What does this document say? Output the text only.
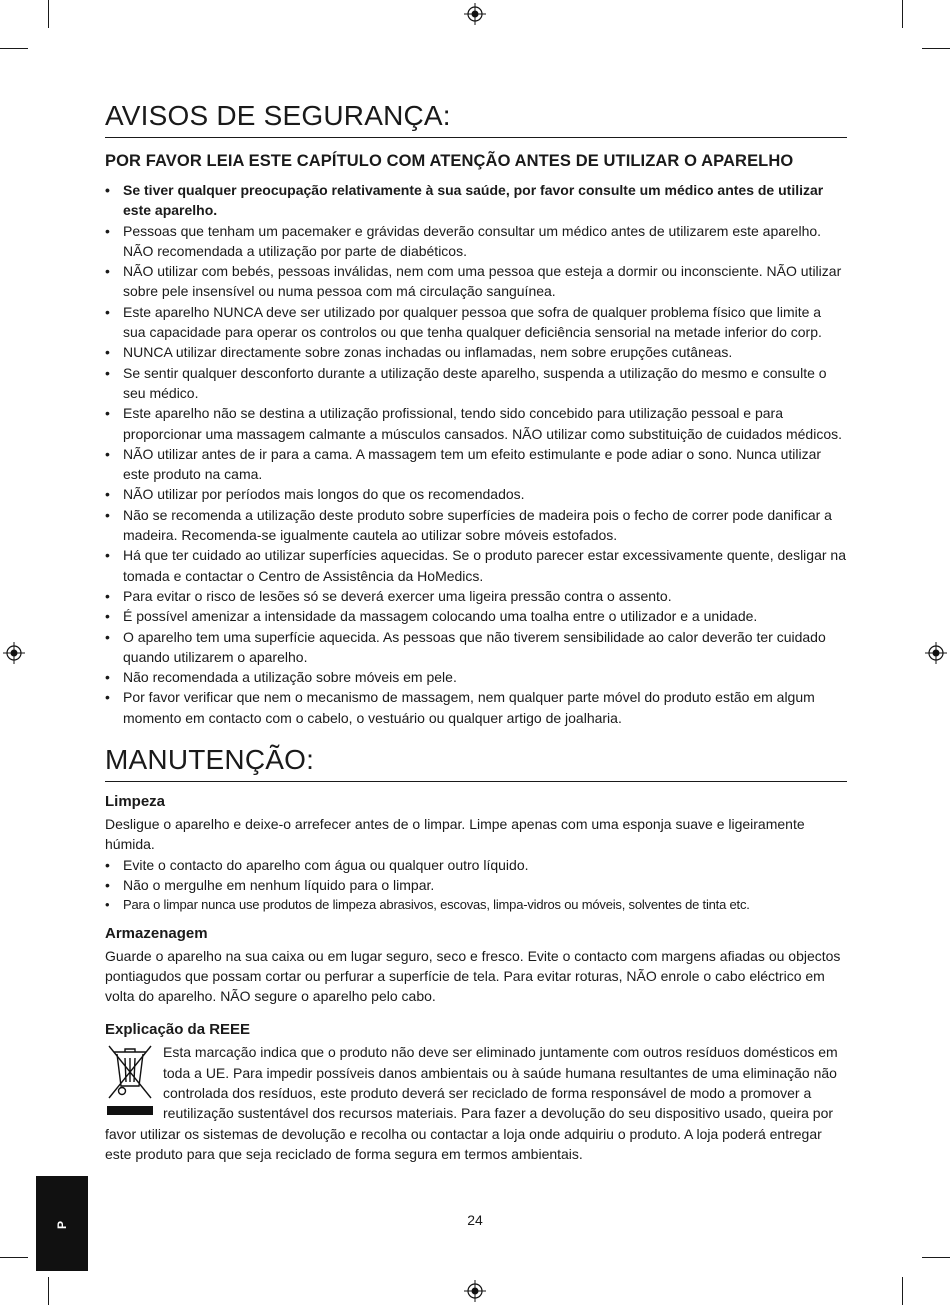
AVISOS DE SEGURANÇA:
POR FAVOR LEIA ESTE CAPÍTULO COM ATENÇÃO ANTES DE UTILIZAR O APARELHO
• Se tiver qualquer preocupação relativamente à sua saúde, por favor consulte um médico antes de utilizar este aparelho.
• Pessoas que tenham um pacemaker e grávidas deverão consultar um médico antes de utilizarem este aparelho. NÃO recomendada a utilização por parte de diabéticos.
• NÃO utilizar com bebés, pessoas inválidas, nem com uma pessoa que esteja a dormir ou inconsciente. NÃO utilizar sobre pele insensível ou numa pessoa com má circulação sanguínea.
• Este aparelho NUNCA deve ser utilizado por qualquer pessoa que sofra de qualquer problema físico que limite a sua capacidade para operar os controlos ou que tenha qualquer deficiência sensorial na metade inferior do corp.
• NUNCA utilizar directamente sobre zonas inchadas ou inflamadas, nem sobre erupções cutâneas.
• Se sentir qualquer desconforto durante a utilização deste aparelho, suspenda a utilização do mesmo e consulte o seu médico.
• Este aparelho não se destina a utilização profissional, tendo sido concebido para utilização pessoal e para proporcionar uma massagem calmante a músculos cansados. NÃO utilizar como substituição de cuidados médicos.
• NÃO utilizar antes de ir para a cama. A massagem tem um efeito estimulante e pode adiar o sono. Nunca utilizar este produto na cama.
• NÃO utilizar por períodos mais longos do que os recomendados.
• Não se recomenda a utilização deste produto sobre superfícies de madeira pois o fecho de correr pode danificar a madeira. Recomenda-se igualmente cautela ao utilizar sobre móveis estofados.
• Há que ter cuidado ao utilizar superfícies aquecidas. Se o produto parecer estar excessivamente quente, desligar na tomada e contactar o Centro de Assistência da HoMedics.
• Para evitar o risco de lesões só se deverá exercer uma ligeira pressão contra o assento.
• É possível amenizar a intensidade da massagem colocando uma toalha entre o utilizador e a unidade.
• O aparelho tem uma superfície aquecida. As pessoas que não tiverem sensibilidade ao calor deverão ter cuidado quando utilizarem o aparelho.
• Não recomendada a utilização sobre móveis em pele.
• Por favor verificar que nem o mecanismo de massagem, nem qualquer parte móvel do produto estão em algum momento em contacto com o cabelo, o vestuário ou qualquer artigo de joalharia.
MANUTENÇÃO:
Limpeza

Desligue o aparelho e deixe-o arrefecer antes de o limpar. Limpe apenas com uma esponja suave e ligeiramente húmida.

• Evite o contacto do aparelho com água ou qualquer outro líquido.
• Não o mergulhe em nenhum líquido para o limpar.
• Para o limpar nunca use produtos de limpeza abrasivos, escovas, limpa-vidros ou móveis, solventes de tinta etc.
Armazenagem

Guarde o aparelho na sua caixa ou em lugar seguro, seco e fresco. Evite o contacto com margens afiadas ou objectos pontiagudos que possam cortar ou perfurar a superfície de tela. Para evitar roturas, NÃO enrole o cabo eléctrico em volta do aparelho. NÃO segure o aparelho pelo cabo.

Explicação da REEE

Esta marcação indica que o produto não deve ser eliminado juntamente com outros resíduos domésticos em toda a UE. Para impedir possíveis danos ambientais ou à saúde humana resultantes de uma eliminação não controlada dos resíduos, este produto deverá ser reciclado de forma responsável de modo a promover a reutilização sustentável dos recursos materiais. Para fazer a devolução do seu dispositivo usado, queira por favor utilizar os sistemas de devolução e recolha ou contactar a loja onde adquiriu o produto. A loja poderá entregar este produto para que seja reciclado de forma segura em termos ambientais.

24
P
